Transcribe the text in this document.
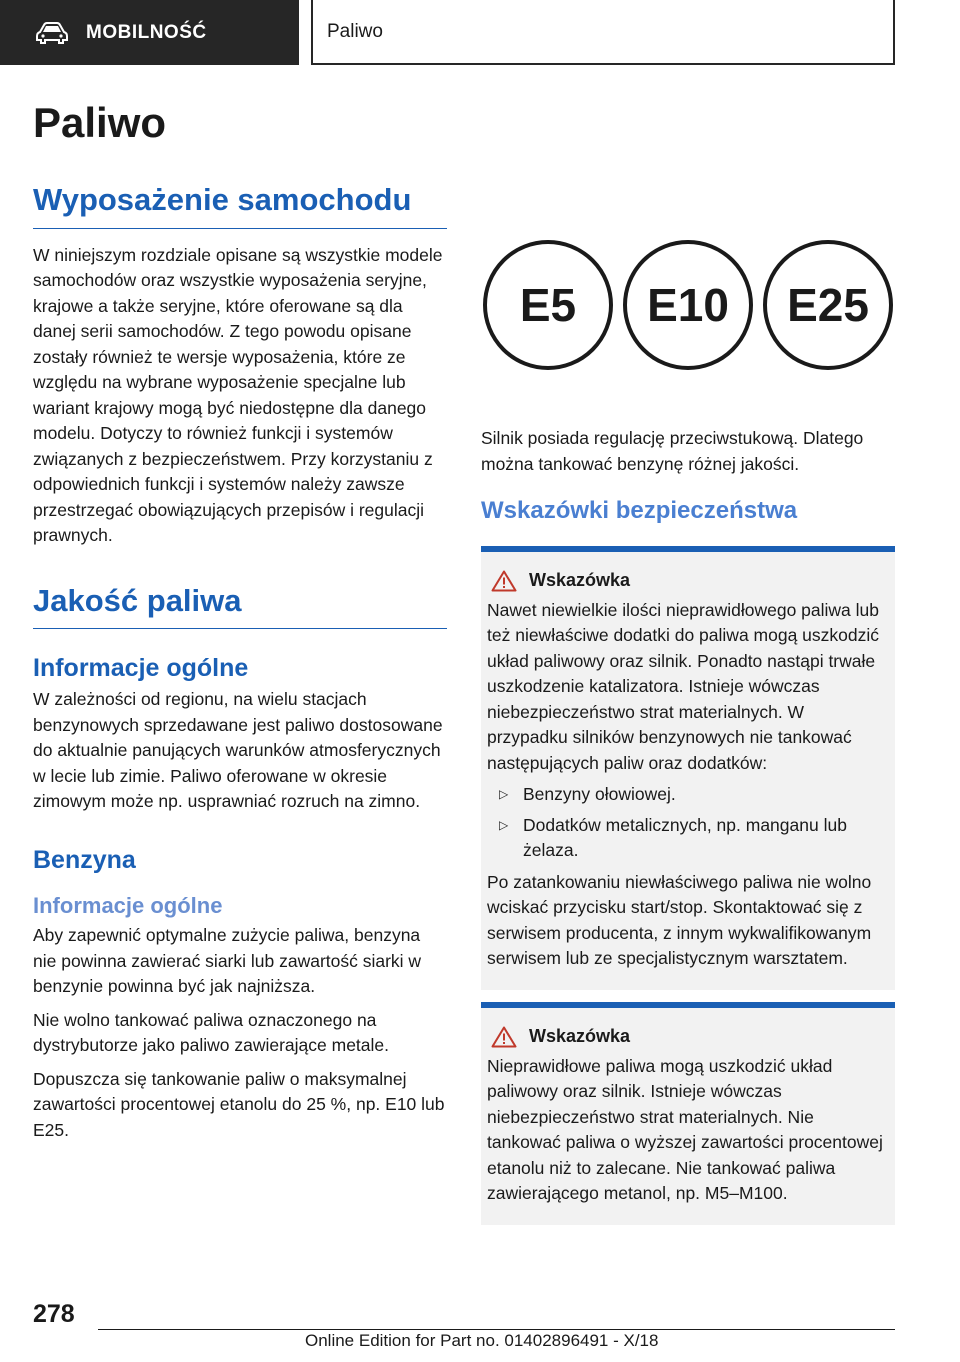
MOBILNOŚĆ	Paliwo
Paliwo
Wyposażenie samochodu
W niniejszym rozdziale opisane są wszystkie modele samochodów oraz wszystkie wyposażenia seryjne, krajowe a także seryjne, które oferowane są dla danej serii samochodów. Z tego powodu opisane zostały również te wersje wyposażenia, które ze względu na wybrane wyposażenie specjalne lub wariant krajowy mogą być niedostępne dla danego modelu. Dotyczy to również funkcji i systemów związanych z bezpieczeństwem. Przy korzystaniu z odpowiednich funkcji i systemów należy zawsze przestrzegać obowiązujących przepisów i regulacji prawnych.
Jakość paliwa
Informacje ogólne
W zależności od regionu, na wielu stacjach benzynowych sprzedawane jest paliwo dostosowane do aktualnie panujących warunków atmosferycznych w lecie lub zimie. Paliwo oferowane w okresie zimowym może np. usprawniać rozruch na zimno.
Benzyna
Informacje ogólne
Aby zapewnić optymalne zużycie paliwa, benzyna nie powinna zawierać siarki lub zawartość siarki w benzynie powinna być jak najniższa.
Nie wolno tankować paliwa oznaczonego na dystrybutorze jako paliwo zawierające metale.
Dopuszcza się tankowanie paliw o maksymalnej zawartości procentowej etanolu do 25 %, np. E10 lub E25.
E5	E10	E25
Silnik posiada regulację przeciwstukową. Dlatego można tankować benzynę różnej jakości.
Wskazówki bezpieczeństwa
Wskazówka
Nawet niewielkie ilości nieprawidłowego paliwa lub też niewłaściwe dodatki do paliwa mogą uszkodzić układ paliwowy oraz silnik. Ponadto nastąpi trwałe uszkodzenie katalizatora. Istnieje wówczas niebezpieczeństwo strat materialnych. W przypadku silników benzynowych nie tankować następujących paliw oraz dodatków:
▷ Benzyny ołowiowej.
▷ Dodatków metalicznych, np. manganu lub żelaza.
Po zatankowaniu niewłaściwego paliwa nie wolno wciskać przycisku start/stop. Skontaktować się z serwisem producenta, z innym wykwalifikowanym serwisem lub ze specjalistycznym warsztatem.
Wskazówka
Nieprawidłowe paliwa mogą uszkodzić układ paliwowy oraz silnik. Istnieje wówczas niebezpieczeństwo strat materialnych. Nie tankować paliwa o wyższej zawartości procentowej etanolu niż to zalecane. Nie tankować paliwa zawierającego metanol, np. M5–M100.
278
Online Edition for Part no. 01402896491 - X/18
